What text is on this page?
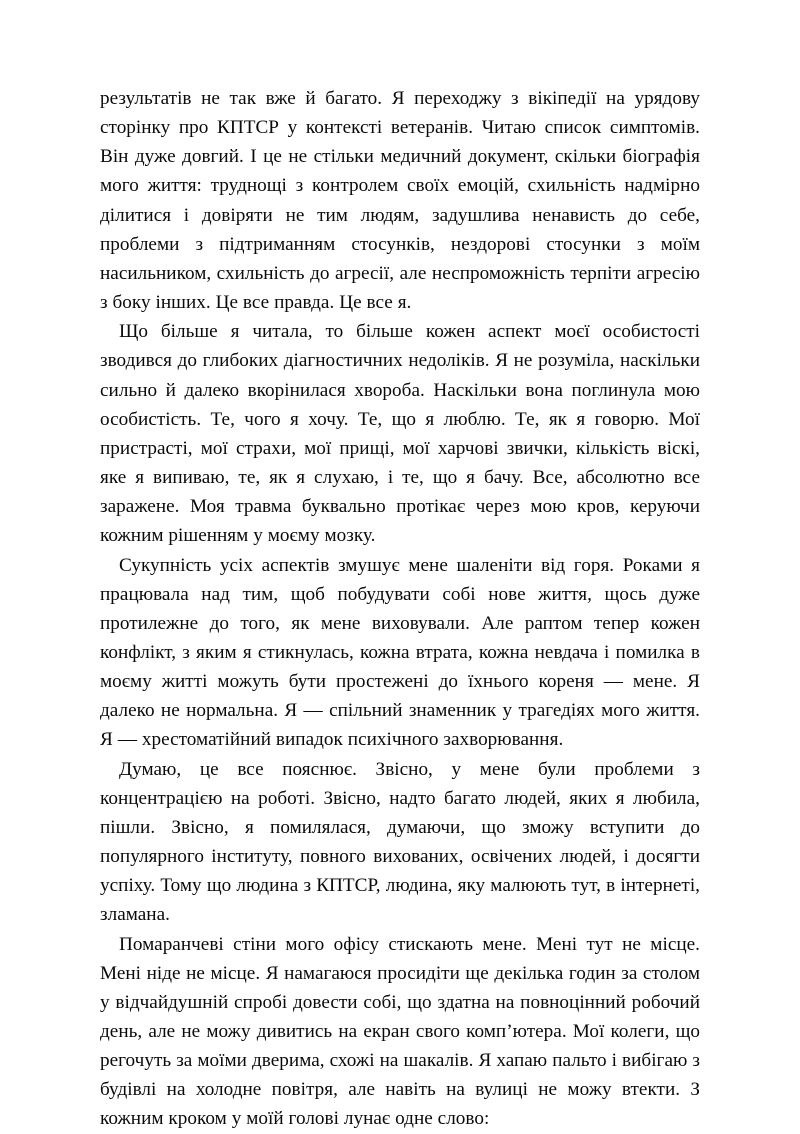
результатів не так вже й багато. Я переходжу з вікіпедії на урядову сторінку про КПТСР у контексті ветеранів. Читаю список симптомів. Він дуже довгий. І це не стільки медичний документ, скільки біографія мого життя: труднощі з контролем своїх емоцій, схильність надмірно ділитися і довіряти не тим людям, задушлива ненависть до себе, проблеми з підтриманням стосунків, нездорові стосунки з моїм насильником, схильність до агресії, але неспроможність терпіти агресію з боку інших. Це все правда. Це все я.

Що більше я читала, то більше кожен аспект моєї особистості зводився до глибоких діагностичних недоліків. Я не розуміла, наскільки сильно й далеко вкорінилася хвороба. Наскільки вона поглинула мою особистість. Те, чого я хочу. Те, що я люблю. Те, як я говорю. Мої пристрасті, мої страхи, мої прищі, мої харчові звички, кількість віскі, яке я випиваю, те, як я слухаю, і те, що я бачу. Все, абсолютно все заражене. Моя травма буквально протікає через мою кров, керуючи кожним рішенням у моєму мозку.

Сукупність усіх аспектів змушує мене шаленіти від горя. Роками я працювала над тим, щоб побудувати собі нове життя, щось дуже протилежне до того, як мене виховували. Але раптом тепер кожен конфлікт, з яким я стикнулась, кожна втрата, кожна невдача і помилка в моєму житті можуть бути простежені до їхнього кореня — мене. Я далеко не нормальна. Я — спільний знаменник у трагедіях мого життя. Я — хрестоматійний випадок психічного захворювання.

Думаю, це все пояснює. Звісно, у мене були проблеми з концентрацією на роботі. Звісно, надто багато людей, яких я любила, пішли. Звісно, я помилялася, думаючи, що зможу вступити до популярного інституту, повного вихованих, освічених людей, і досягти успіху. Тому що людина з КПТСР, людина, яку малюють тут, в інтернеті, зламана.

Помаранчеві стіни мого офісу стискають мене. Мені тут не місце. Мені ніде не місце. Я намагаюся просидіти ще декілька годин за столом у відчайдушній спробі довести собі, що здатна на повноцінний робочий день, але не можу дивитись на екран свого комп’ютера. Мої колеги, що регочуть за моїми дверима, схожі на шакалів. Я хапаю пальто і вибігаю з будівлі на холодне повітря, але навіть на вулиці не можу втекти. З кожним кроком у моїй голові лунає одне слово:
